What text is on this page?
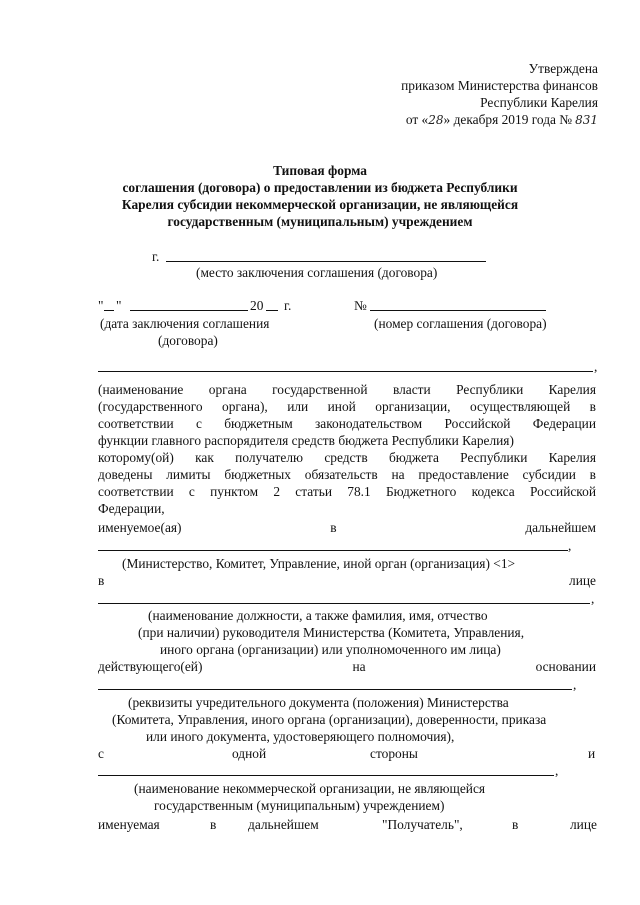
Утверждена
приказом Министерства финансов
Республики Карелия
от «28» декабря 2019 года № 831
Типовая форма
соглашения (договора) о предоставлении из бюджета Республики
Карелия субсидии некоммерческой организации, не являющейся
государственным (муниципальным) учреждением
г.
(место заключения соглашения (договора)
" "	20 г.
(дата заключения соглашения
(договора)
№
(номер соглашения (договора)
,
(наименование органа государственной власти Республики Карелия
(государственного органа), или иной организации, осуществляющей в
соответствии с бюджетным законодательством Российской Федерации
функции главного распорядителя средств бюджета Республики Карелия)
которому(ой) как получателю средств бюджета Республики Карелия
доведены лимиты бюджетных обязательств на предоставление субсидии в
соответствии с пунктом 2 статьи 78.1 Бюджетного кодекса Российской
Федерации,
именуемое(ая)	в	дальнейшем
,
(Министерство, Комитет, Управление, иной орган (организация) <1>
в	лице
,
(наименование должности, а также фамилия, имя, отчество
(при наличии) руководителя Министерства (Комитета, Управления,
иного органа (организации) или уполномоченного им лица)
действующего(ей)	на	основании
,
(реквизиты учредительного документа (положения) Министерства
(Комитета, Управления, иного органа (организации), доверенности, приказа
или иного документа, удостоверяющего полномочия),
с	одной	стороны	и
,
(наименование некоммерческой организации, не являющейся
государственным (муниципальным) учреждением)
именуемая	в дальнейшем	"Получатель",	в	лице
